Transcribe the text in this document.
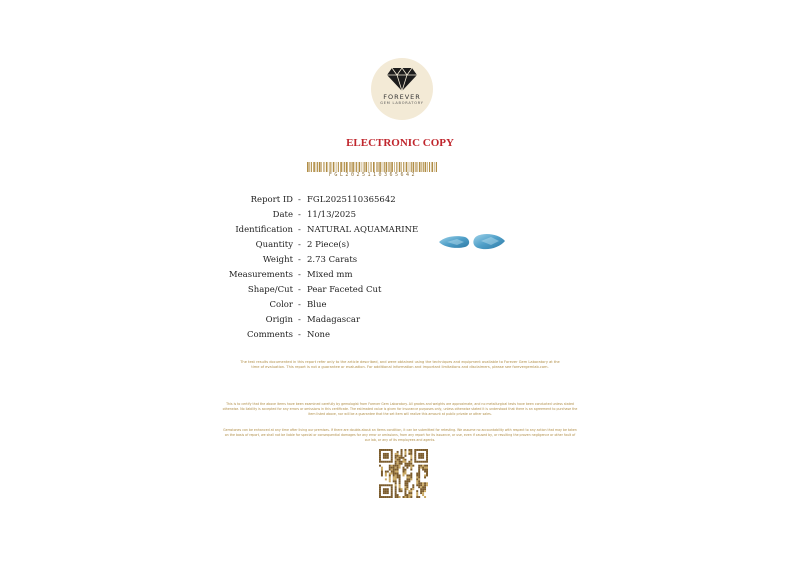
FOREVER
GEM LABORATORY
ELECTRONIC COPY
FGL2025110365642
Report ID - FGL2025110365642
Date - 11/13/2025
Identification - NATURAL AQUAMARINE
Quantity - 2 Piece(s)
Weight - 2.73 Carats
Measurements - Mixed mm
Shape/Cut - Pear Faceted Cut
Color - Blue
Origin - Madagascar
Comments - None
The test results documented in this report refer only to the article described, and were obtained using the techniques and equipment available to Forever Gem Laboratory at the time of evaluation. This report is not a guarantee or evaluation. For additional information and important limitations and disclaimers, please see forevergemlab.com.
This is to certify that the above items have been examined carefully by gemologist from Forever Gem Laboratory. All grades and weights are approximate, and no metallurgical tests have been conducted unless stated otherwise. No liability is accepted for any errors or omissions in this certificate. The estimated value is given for insurance purposes only, unless otherwise stated it is understood that there is an agreement to purchase the item listed above, nor will be a guarantee that the set item will realize this amount at public private or other sales.
Gemstones can be enhanced at any time after living our premises. If there are doubts about an items condition, it can be submitted for retesting. We assume no accountability with respect to any action that may be taken on the basis of report, we shall not be liable for special or consequential damages for any error or omissions, from any report for its issuance, or use, even if caused by, or resulting the proven negligence or other fault of our lab, or any of its employees and agents.
